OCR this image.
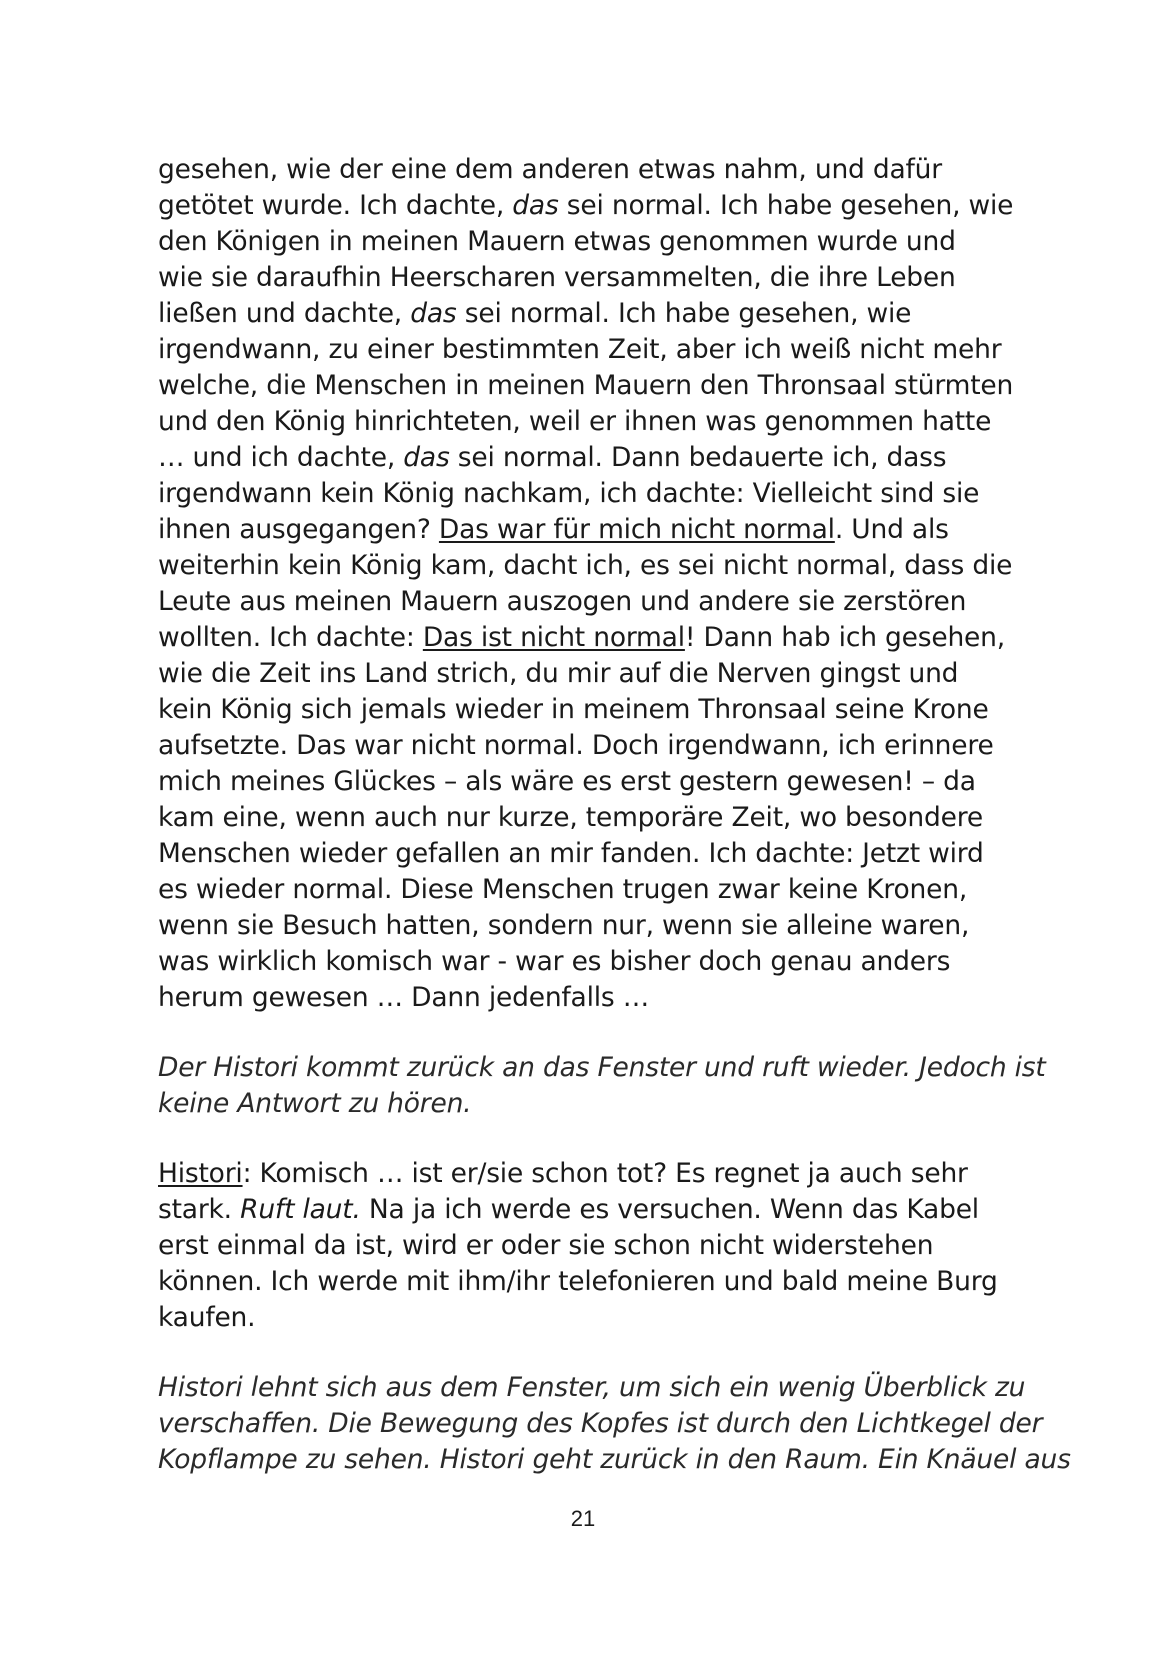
gesehen, wie der eine dem anderen etwas nahm, und dafür
getötet wurde. Ich dachte, das sei normal. Ich habe gesehen, wie
den Königen in meinen Mauern etwas genommen wurde und
wie sie daraufhin Heerscharen versammelten, die ihre Leben
ließen und dachte, das sei normal. Ich habe gesehen, wie
irgendwann, zu einer bestimmten Zeit, aber ich weiß nicht mehr
welche, die Menschen in meinen Mauern den Thronsaal stürmten
und den König hinrichteten, weil er ihnen was genommen hatte
… und ich dachte, das sei normal. Dann bedauerte ich, dass
irgendwann kein König nachkam, ich dachte: Vielleicht sind sie
ihnen ausgegangen? Das war für mich nicht normal. Und als
weiterhin kein König kam, dacht ich, es sei nicht normal, dass die
Leute aus meinen Mauern auszogen und andere sie zerstören
wollten. Ich dachte: Das ist nicht normal! Dann hab ich gesehen,
wie die Zeit ins Land strich, du mir auf die Nerven gingst und
kein König sich jemals wieder in meinem Thronsaal seine Krone
aufsetzte. Das war nicht normal. Doch irgendwann, ich erinnere
mich meines Glückes – als wäre es erst gestern gewesen! – da
kam eine, wenn auch nur kurze, temporäre Zeit, wo besondere
Menschen wieder gefallen an mir fanden. Ich dachte: Jetzt wird
es wieder normal. Diese Menschen trugen zwar keine Kronen,
wenn sie Besuch hatten, sondern nur, wenn sie alleine waren,
was wirklich komisch war - war es bisher doch genau anders
herum gewesen … Dann jedenfalls …
Der Histori kommt zurück an das Fenster und ruft wieder. Jedoch ist
keine Antwort zu hören.
Histori: Komisch … ist er/sie schon tot? Es regnet ja auch sehr
stark. Ruft laut. Na ja ich werde es versuchen. Wenn das Kabel
erst einmal da ist, wird er oder sie schon nicht widerstehen
können. Ich werde mit ihm/ihr telefonieren und bald meine Burg
kaufen.
Histori lehnt sich aus dem Fenster, um sich ein wenig Überblick zu
verschaffen. Die Bewegung des Kopfes ist durch den Lichtkegel der
Kopflampe zu sehen. Histori geht zurück in den Raum. Ein Knäuel aus
21
